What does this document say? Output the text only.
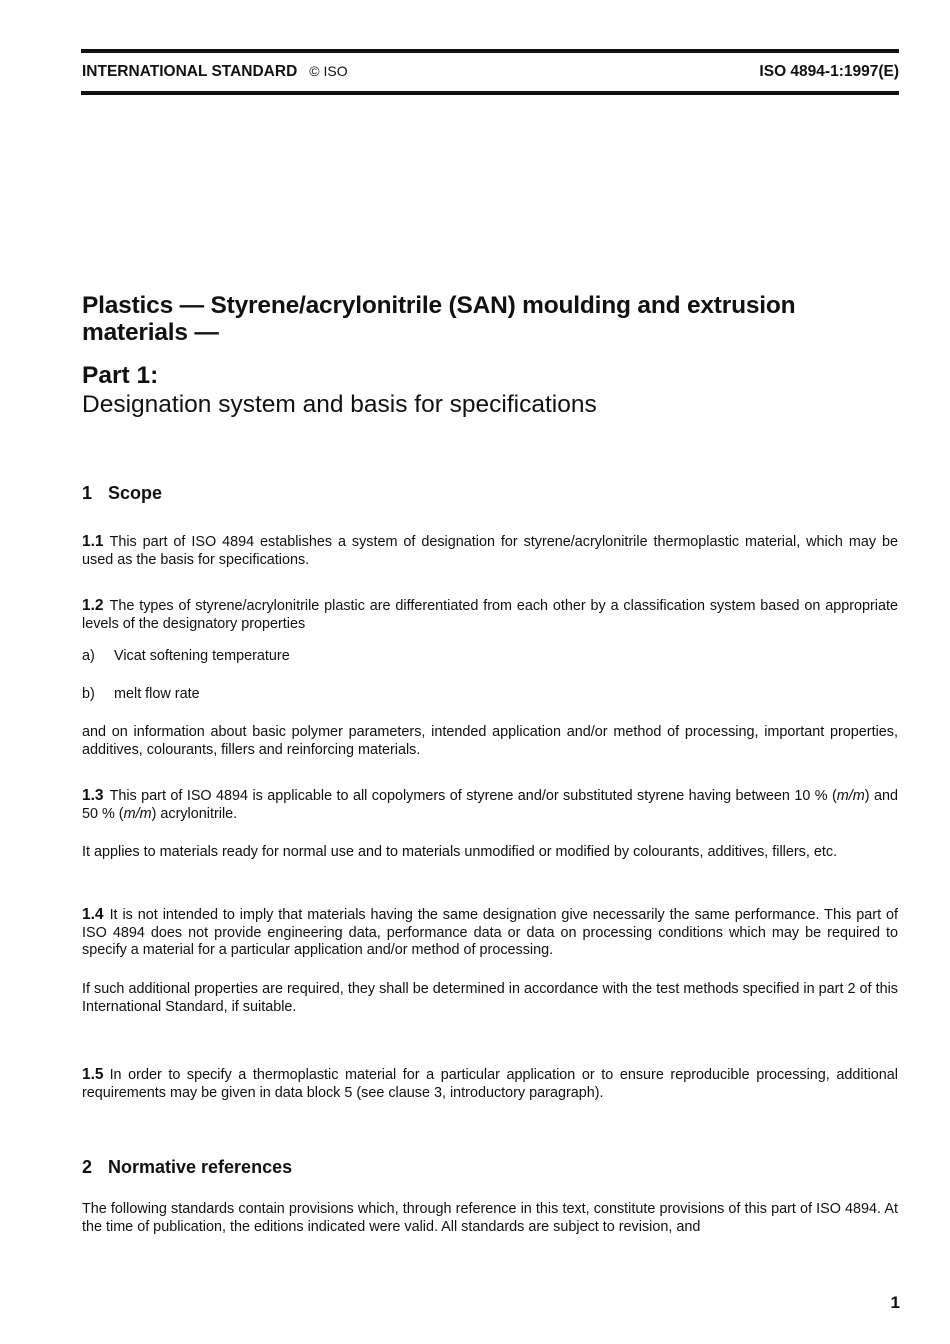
INTERNATIONAL STANDARD © ISO	ISO 4894-1:1997(E)
Plastics — Styrene/acrylonitrile (SAN) moulding and extrusion materials —
Part 1:
Designation system and basis for specifications
1 Scope
1.1 This part of ISO 4894 establishes a system of designation for styrene/acrylonitrile thermoplastic material, which may be used as the basis for specifications.
1.2 The types of styrene/acrylonitrile plastic are differentiated from each other by a classification system based on appropriate levels of the designatory properties
a) Vicat softening temperature
b) melt flow rate
and on information about basic polymer parameters, intended application and/or method of processing, important properties, additives, colourants, fillers and reinforcing materials.
1.3 This part of ISO 4894 is applicable to all copolymers of styrene and/or substituted styrene having between 10 % (m/m) and 50 % (m/m) acrylonitrile.
It applies to materials ready for normal use and to materials unmodified or modified by colourants, additives, fillers, etc.
1.4 It is not intended to imply that materials having the same designation give necessarily the same performance. This part of ISO 4894 does not provide engineering data, performance data or data on processing conditions which may be required to specify a material for a particular application and/or method of processing.
If such additional properties are required, they shall be determined in accordance with the test methods specified in part 2 of this International Standard, if suitable.
1.5 In order to specify a thermoplastic material for a particular application or to ensure reproducible processing, additional requirements may be given in data block 5 (see clause 3, introductory paragraph).
2 Normative references
The following standards contain provisions which, through reference in this text, constitute provisions of this part of ISO 4894. At the time of publication, the editions indicated were valid. All standards are subject to revision, and
1
